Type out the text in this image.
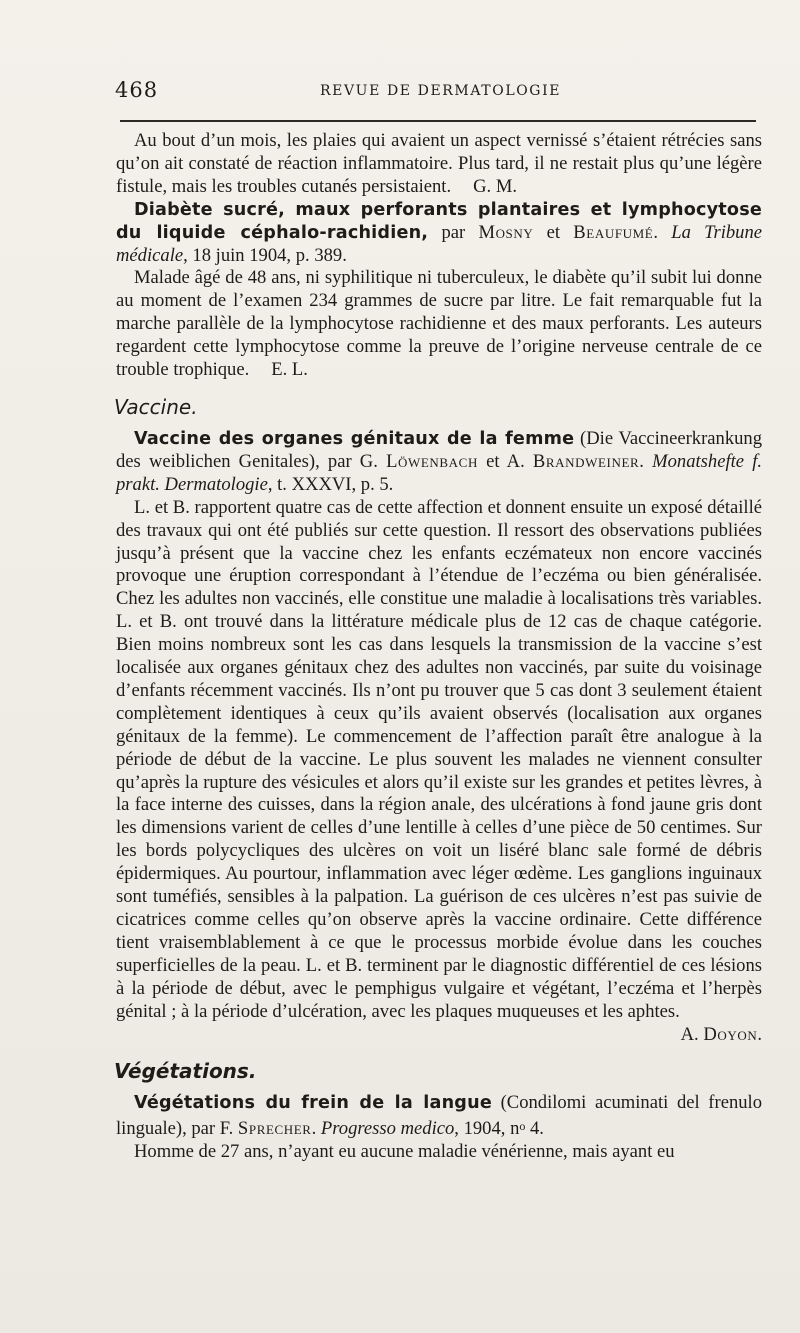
468	REVUE DE DERMATOLOGIE

Au bout d’un mois, les plaies qui avaient un aspect vernissé s’étaient rétrécies sans qu’on ait constaté de réaction inflammatoire. Plus tard, il ne restait plus qu’une légère fistule, mais les troubles cutanés persistaient. G. M.

Diabète sucré, maux perforants plantaires et lymphocytose du liquide céphalo-rachidien, par Mosny et Beaufumé. La Tribune médicale, 18 juin 1904, p. 389.

Malade âgé de 48 ans, ni syphilitique ni tuberculeux, le diabète qu’il subit lui donne au moment de l’examen 234 grammes de sucre par litre. Le fait remarquable fut la marche parallèle de la lymphocytose rachidienne et des maux perforants. Les auteurs regardent cette lymphocytose comme la preuve de l’origine nerveuse centrale de ce trouble trophique. E. L.

Vaccine.

Vaccine des organes génitaux de la femme (Die Vaccineerkrankung des weiblichen Genitales), par G. Löwenbach et A. Brandweiner. Monatshefte f. prakt. Dermatologie, t. XXXVI, p. 5.

L. et B. rapportent quatre cas de cette affection et donnent ensuite un exposé détaillé des travaux qui ont été publiés sur cette question. Il ressort des observations publiées jusqu’à présent que la vaccine chez les enfants eczémateux non encore vaccinés provoque une éruption correspondant à l’étendue de l’eczéma ou bien généralisée. Chez les adultes non vaccinés, elle constitue une maladie à localisations très variables. L. et B. ont trouvé dans la littérature médicale plus de 12 cas de chaque catégorie. Bien moins nombreux sont les cas dans lesquels la transmission de la vaccine s’est localisée aux organes génitaux chez des adultes non vaccinés, par suite du voisinage d’enfants récemment vaccinés. Ils n’ont pu trouver que 5 cas dont 3 seulement étaient complètement identiques à ceux qu’ils avaient observés (localisation aux organes génitaux de la femme). Le commencement de l’affection paraît être analogue à la période de début de la vaccine. Le plus souvent les malades ne viennent consulter qu’après la rupture des vésicules et alors qu’il existe sur les grandes et petites lèvres, à la face interne des cuisses, dans la région anale, des ulcérations à fond jaune gris dont les dimensions varient de celles d’une lentille à celles d’une pièce de 50 centimes. Sur les bords polycycliques des ulcères on voit un liséré blanc sale formé de débris épidermiques. Au pourtour, inflammation avec léger œdème. Les ganglions inguinaux sont tuméfiés, sensibles à la palpation. La guérison de ces ulcères n’est pas suivie de cicatrices comme celles qu’on observe après la vaccine ordinaire. Cette différence tient vraisemblablement à ce que le processus morbide évolue dans les couches superficielles de la peau. L. et B. terminent par le diagnostic différentiel de ces lésions à la période de début, avec le pemphigus vulgaire et végétant, l’eczéma et l’herpès génital ; à la période d’ulcération, avec les plaques muqueuses et les aphtes.
A. Doyon.

Végétations.

Végétations du frein de la langue (Condilomi acuminati del frenulo linguale), par F. Sprecher. Progresso medico, 1904, $n^o$ 4.

Homme de 27 ans, n’ayant eu aucune maladie vénérienne, mais ayant eu
